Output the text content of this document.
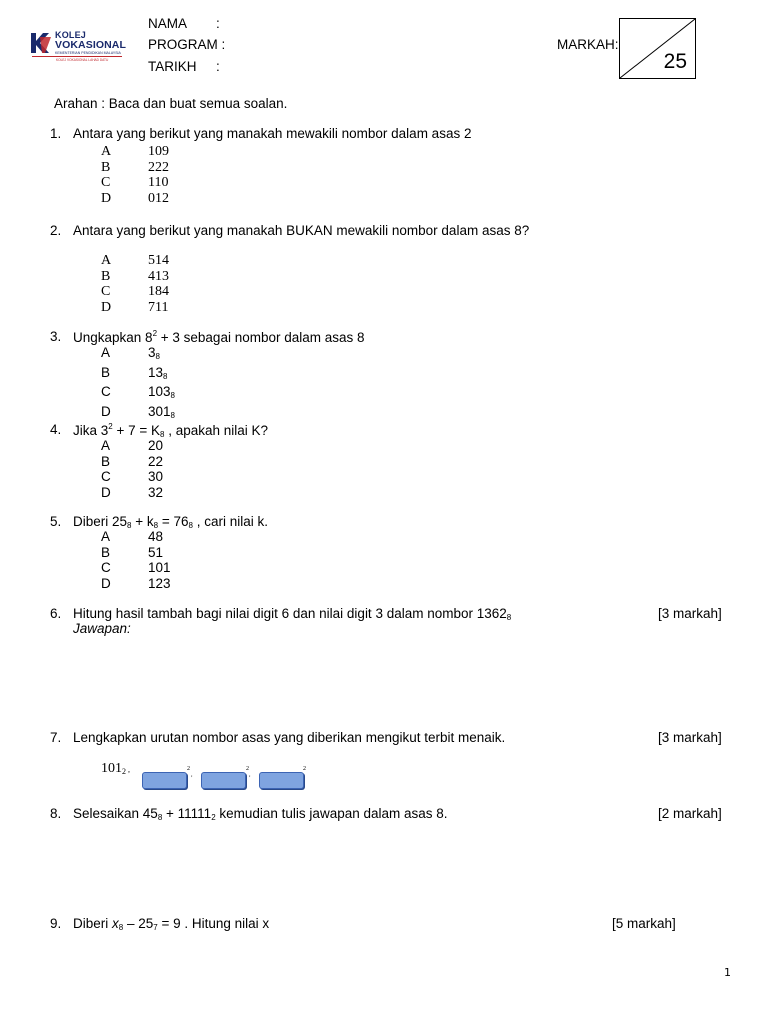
KOLEJ
VOKASIONAL
KEMENTERIAN PENDIDIKAN MALAYSIA
KOLEJ VOKASIONAL LAHAD DATU
NAMA :
PROGRAM :
TARIKH :
MARKAH:
25
Arahan : Baca dan buat semua soalan.
1. Antara yang berikut yang manakah mewakili nombor dalam asas 2
A	109
B	222
C	110
D	012
2. Antara yang berikut yang manakah BUKAN mewakili nombor dalam asas 8?
A	514
B	413
C	184
D	711
3. Ungkapkan $8^2 + 3$ sebagai nombor dalam asas 8
A	$3_8$
B	$13_8$
C	$103_8$
D	$301_8$
4. Jika $3^2 + 7 = K_8$ , apakah nilai K?
A	20
B	22
C	30
D	32
5. Diberi $25_8 + k_8 = 76_8$ , cari nilai k.
A	48
B	51
C	101
D	123
6. Hitung hasil tambah bagi nilai digit 6 dan nilai digit 3 dalam nombor $1362_8$	[3 markah]
Jawapan:
7. Lengkapkan urutan nombor asas yang diberikan mengikut terbit menaik.	[3 markah]
$101_2$ ,	2
,
2
,
2
8. Selesaikan $45_8 + 11111_2$ kemudian tulis jawapan dalam asas 8.	[2 markah]
9. Diberi $x_8 - 25_7 = 9$ . Hitung nilai x	[5 markah]
1
